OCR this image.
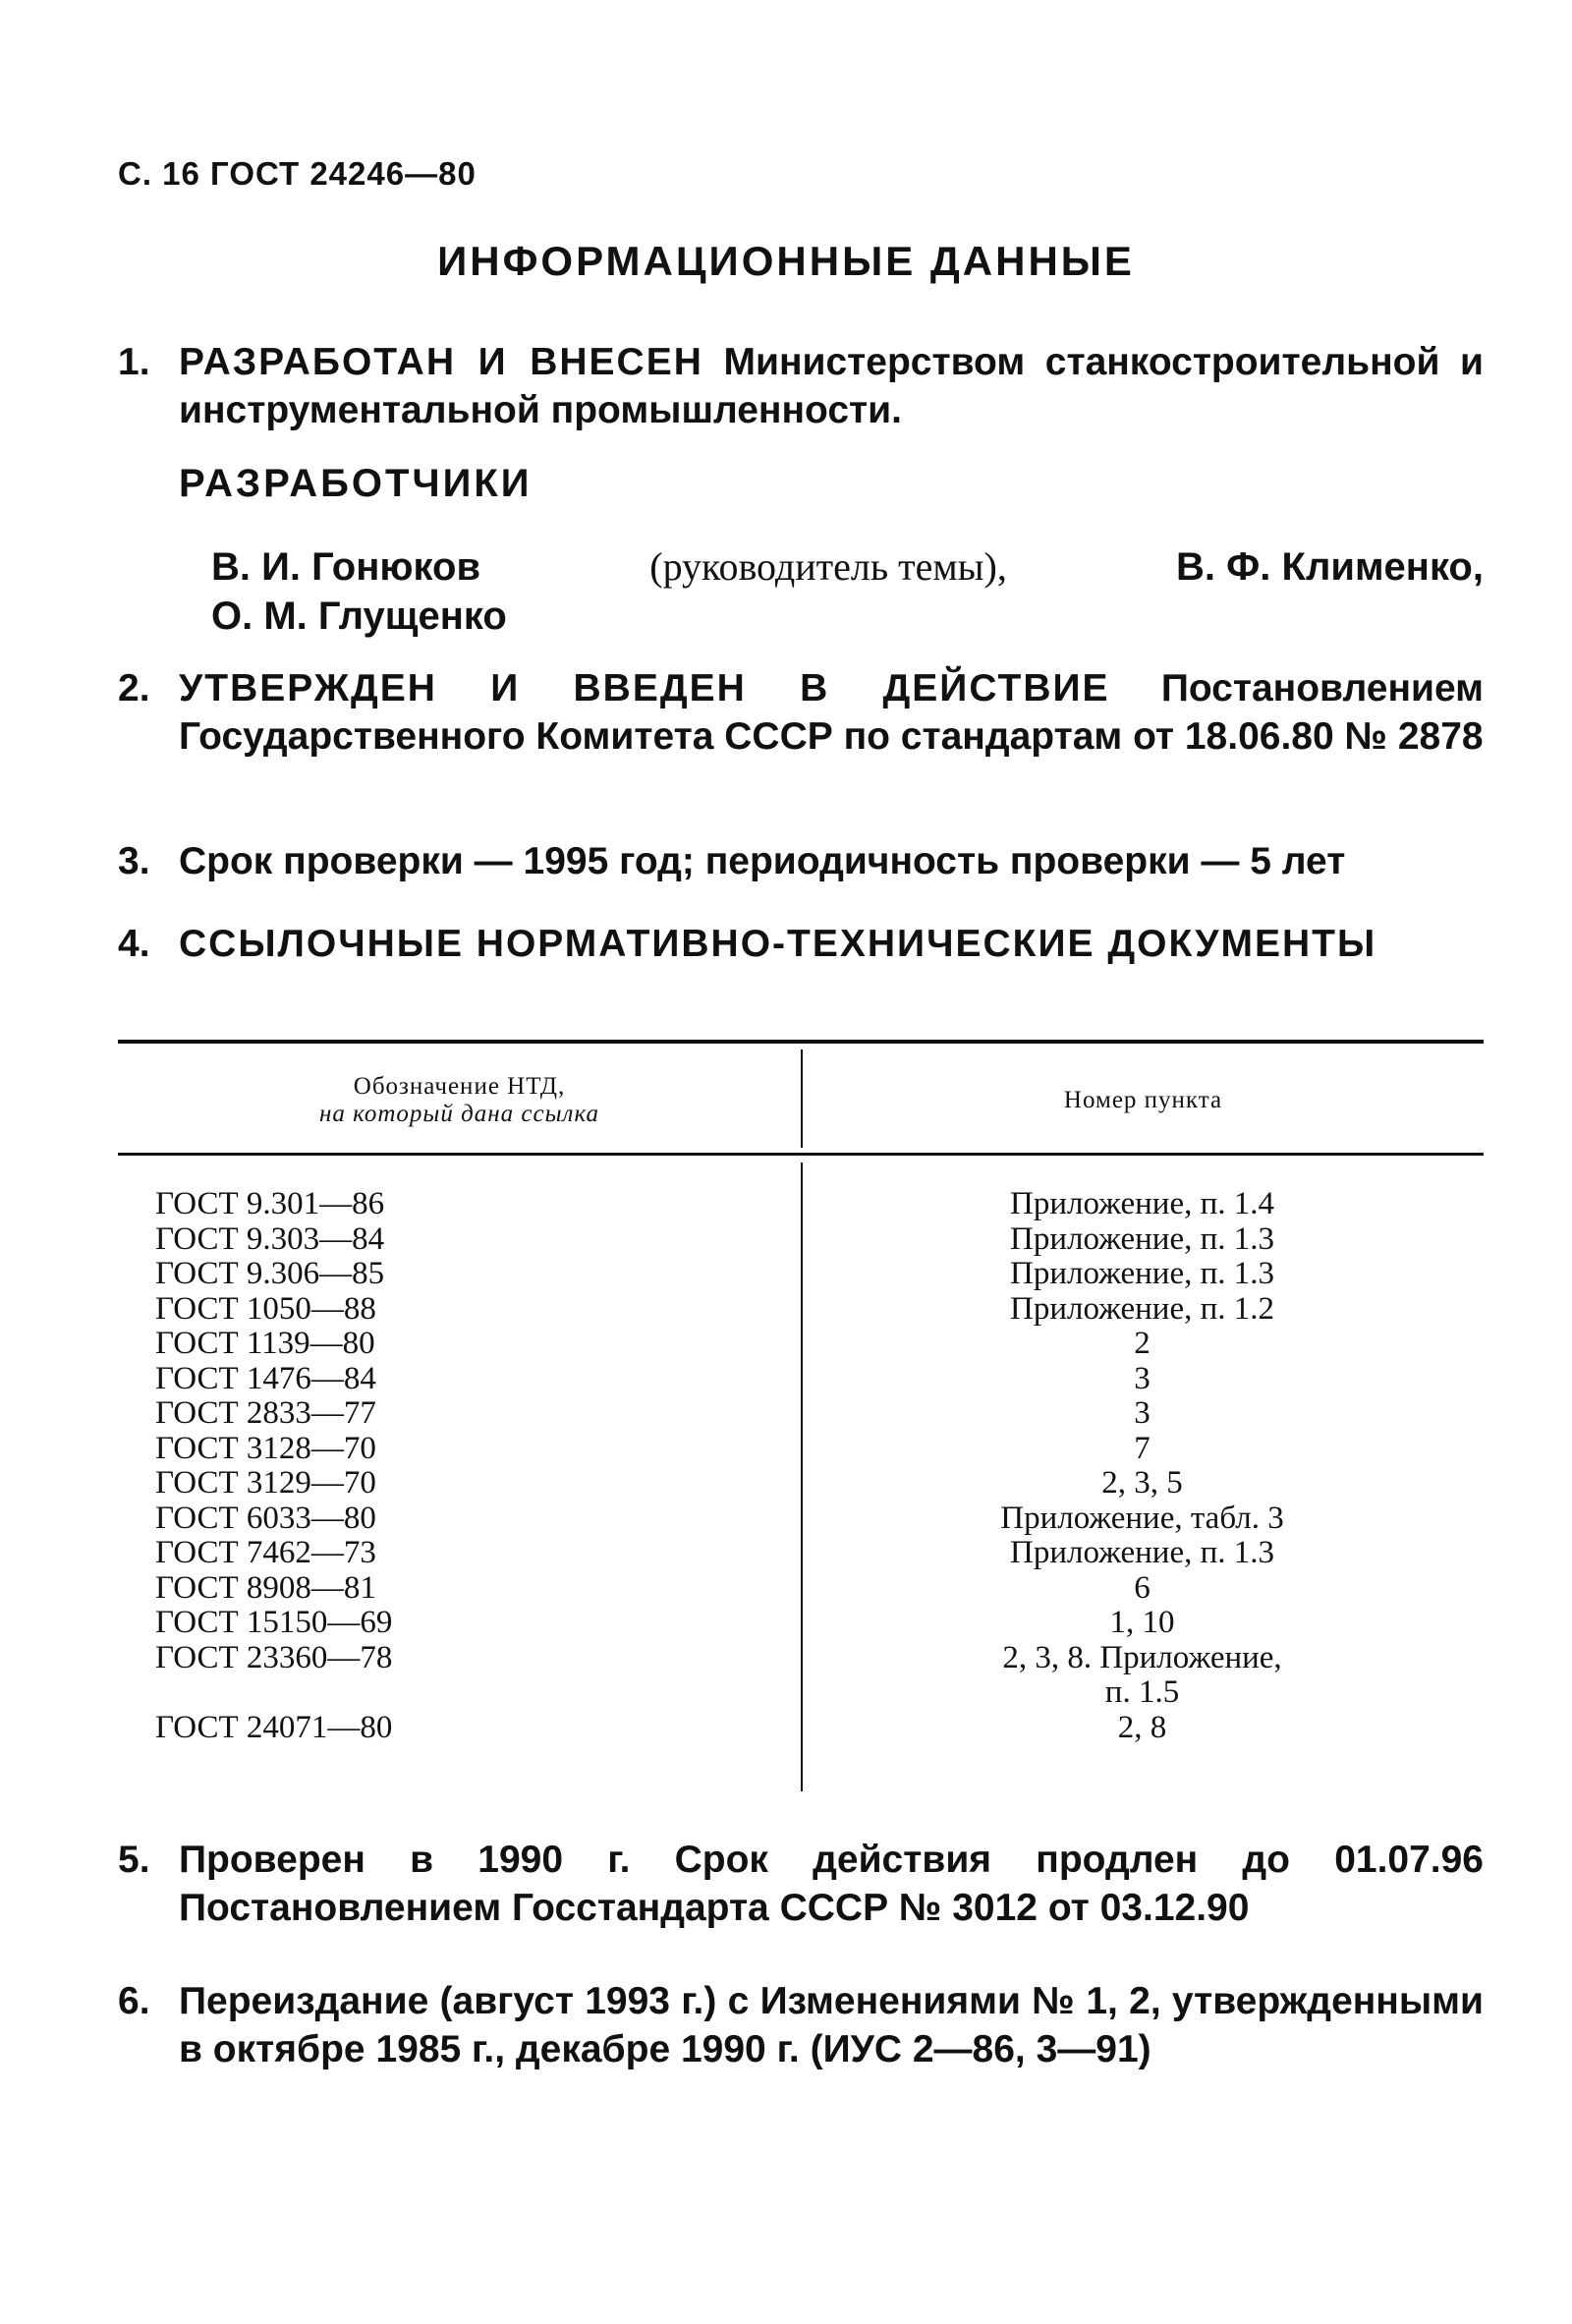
С. 16 ГОСТ 24246—80
ИНФОРМАЦИОННЫЕ ДАННЫЕ
1. РАЗРАБОТАН И ВНЕСЕН Министерством станкостроительной и инструментальной промышленности.
РАЗРАБОТЧИКИ
В. И. Гонюков	(руководитель темы),	В. Ф. Клименко,
О. М. Глущенко
2. УТВЕРЖДЕН И ВВЕДЕН В ДЕЙСТВИЕ Постановлением Государственного Комитета СССР по стандартам от 18.06.80 № 2878
3. Срок проверки — 1995 год; периодичность проверки — 5 лет
4. ССЫЛОЧНЫЕ НОРМАТИВНО-ТЕХНИЧЕСКИЕ ДОКУМЕНТЫ
Обозначение НТД,
на который дана ссылка
Номер пункта
ГОСТ 9.301—86	Приложение, п. 1.4
ГОСТ 9.303—84	Приложение, п. 1.3
ГОСТ 9.306—85	Приложение, п. 1.3
ГОСТ 1050—88	Приложение, п. 1.2
ГОСТ 1139—80	2
ГОСТ 1476—84	3
ГОСТ 2833—77	3
ГОСТ 3128—70	7
ГОСТ 3129—70	2, 3, 5
ГОСТ 6033—80	Приложение, табл. 3
ГОСТ 7462—73	Приложение, п. 1.3
ГОСТ 8908—81	6
ГОСТ 15150—69	1, 10
ГОСТ 23360—78	2, 3, 8. Приложение,
п. 1.5
ГОСТ 24071—80	2, 8
5. Проверен в 1990 г. Срок действия продлен до 01.07.96 Постановлением Госстандарта СССР № 3012 от 03.12.90
6. Переиздание (август 1993 г.) с Изменениями № 1, 2, утвержденными в октябре 1985 г., декабре 1990 г. (ИУС 2—86, 3—91)
